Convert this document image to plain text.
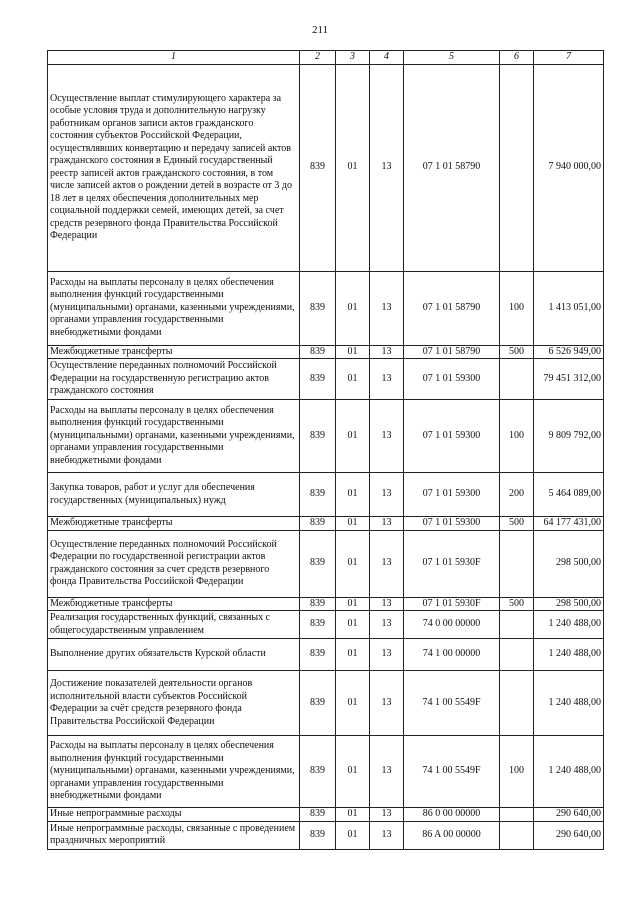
211
1	2	3	4	5	6	7
Осуществление выплат стимулирующего характера за особые условия труда и дополнительную нагрузку работникам органов записи актов гражданского состояния субъектов Российской Федерации, осуществлявших конвертацию и передачу записей актов гражданского состояния в Единый государственный реестр записей актов гражданского состояния, в том числе записей актов о рождении детей в возрасте от 3 до 18 лет в целях обеспечения дополнительных мер социальной поддержки семей, имеющих детей, за счет средств резервного фонда Правительства Российской Федерации	839	01	13	07 1 01 58790		7 940 000,00
Расходы на выплаты персоналу в целях обеспечения выполнения функций государственными (муниципальными) органами, казенными учреждениями, органами управления государственными внебюджетными фондами	839	01	13	07 1 01 58790	100	1 413 051,00
Межбюджетные трансферты	839	01	13	07 1 01 58790	500	6 526 949,00
Осуществление переданных полномочий Российской Федерации на государственную регистрацию актов гражданского состояния	839	01	13	07 1 01 59300		79 451 312,00
Расходы на выплаты персоналу в целях обеспечения выполнения функций государственными (муниципальными) органами, казенными учреждениями, органами управления государственными внебюджетными фондами	839	01	13	07 1 01 59300	100	9 809 792,00
Закупка товаров, работ и услуг для обеспечения государственных (муниципальных) нужд	839	01	13	07 1 01 59300	200	5 464 089,00
Межбюджетные трансферты	839	01	13	07 1 01 59300	500	64 177 431,00
Осуществление переданных полномочий Российской Федерации по государственной регистрации актов гражданского состояния за счет средств резервного фонда Правительства Российской Федерации	839	01	13	07 1 01 5930F		298 500,00
Межбюджетные трансферты	839	01	13	07 1 01 5930F	500	298 500,00
Реализация государственных функций, связанных с общегосударственным управлением	839	01	13	74 0 00 00000		1 240 488,00
Выполнение других обязательств Курской области	839	01	13	74 1 00 00000		1 240 488,00
Достижение показателей деятельности органов исполнительной власти субъектов Российской Федерации за счёт средств резервного фонда Правительства Российской Федерации	839	01	13	74 1 00 5549F		1 240 488,00
Расходы на выплаты персоналу в целях обеспечения выполнения функций государственными (муниципальными) органами, казенными учреждениями, органами управления государственными внебюджетными фондами	839	01	13	74 1 00 5549F	100	1 240 488,00
Иные непрограммные расходы	839	01	13	86 0 00 00000		290 640,00
Иные непрограммные расходы, связанные с проведением праздничных мероприятий	839	01	13	86 A 00 00000		290 640,00
